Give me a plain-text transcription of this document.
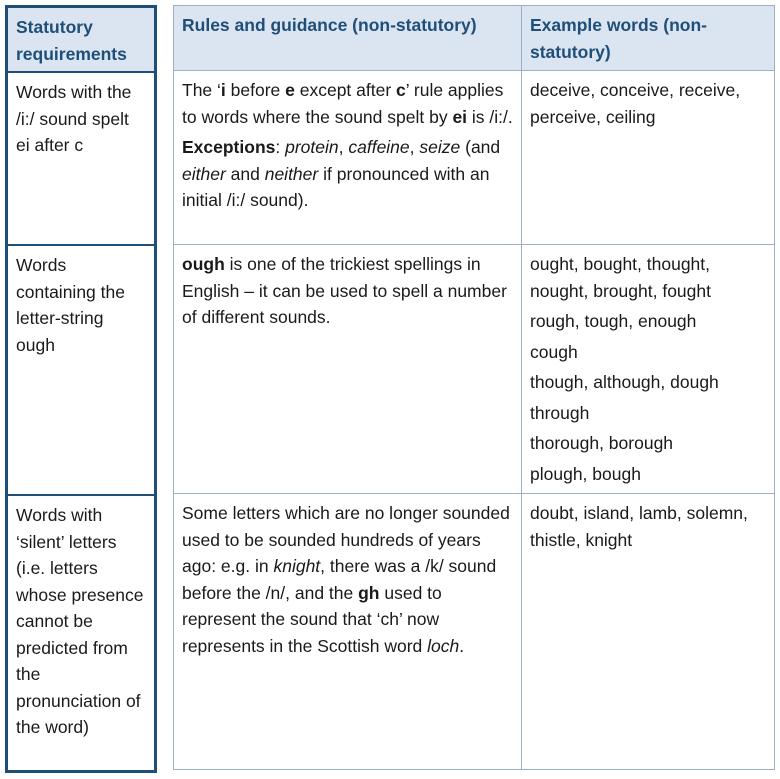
Statutory requirements
Words with the /i:/ sound spelt ei after c
Words containing the letter-string ough
Words with ‘silent’ letters (i.e. letters whose presence cannot be predicted from the pronunciation of the word)
Rules and guidance (non-statutory)	Example words (non-statutory)

The ‘i before e except after c’ rule applies to words where the sound spelt by ei is /i:/.

Exceptions: protein, caffeine, seize (and either and neither if pronounced with an initial /i:/ sound).

deceive, conceive, receive, perceive, ceiling

ough is one of the trickiest spellings in English – it can be used to spell a number of different sounds.

ought, bought, thought, nought, brought, fought
rough, tough, enough
cough
though, although, dough
through
thorough, borough
plough, bough

Some letters which are no longer sounded used to be sounded hundreds of years ago: e.g. in knight, there was a /k/ sound before the /n/, and the gh used to represent the sound that ‘ch’ now represents in the Scottish word loch.

doubt, island, lamb, solemn, thistle, knight
